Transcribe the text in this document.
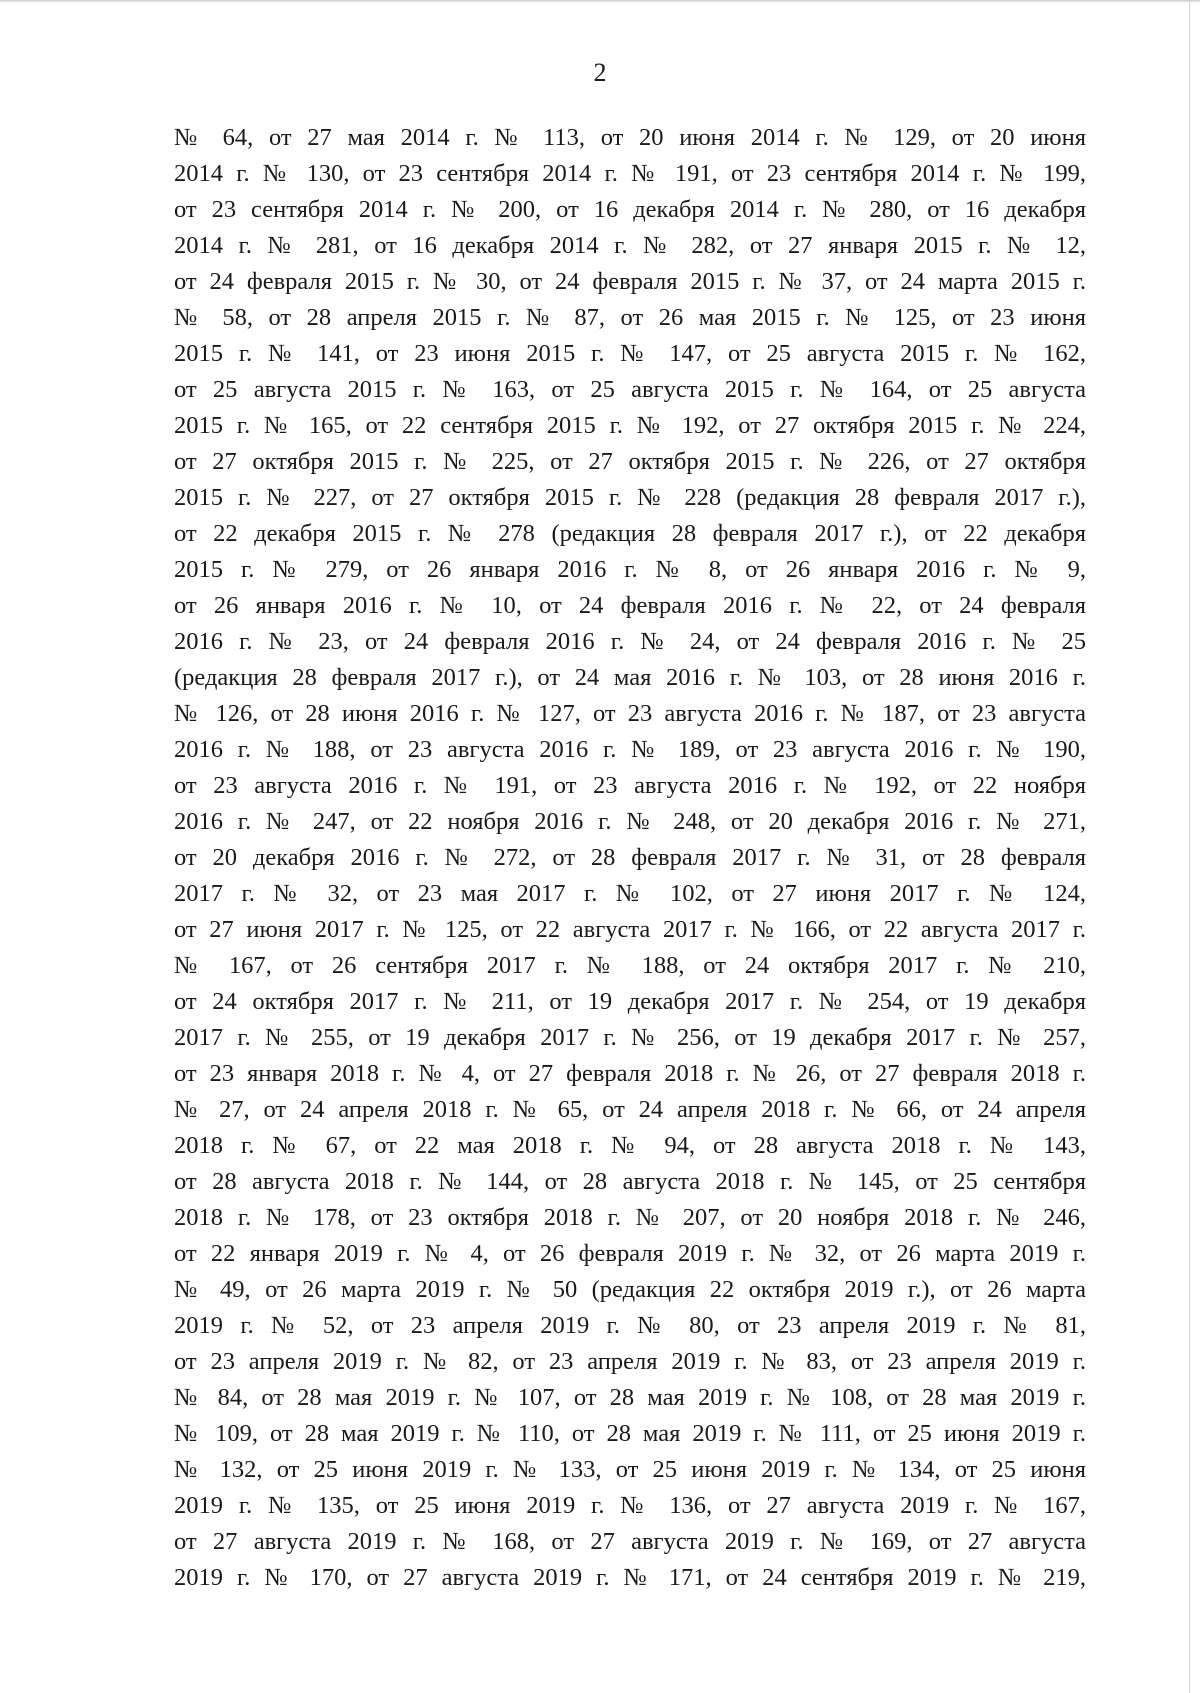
2
№ 64, от 27 мая 2014 г. № 113, от 20 июня 2014 г. № 129, от 20 июня
2014 г. № 130, от 23 сентября 2014 г. № 191, от 23 сентября 2014 г. № 199,
от 23 сентября 2014 г. № 200, от 16 декабря 2014 г. № 280, от 16 декабря
2014 г. № 281, от 16 декабря 2014 г. № 282, от 27 января 2015 г. № 12,
от 24 февраля 2015 г. № 30, от 24 февраля 2015 г. № 37, от 24 марта 2015 г.
№ 58, от 28 апреля 2015 г. № 87, от 26 мая 2015 г. № 125, от 23 июня
2015 г. № 141, от 23 июня 2015 г. № 147, от 25 августа 2015 г. № 162,
от 25 августа 2015 г. № 163, от 25 августа 2015 г. № 164, от 25 августа
2015 г. № 165, от 22 сентября 2015 г. № 192, от 27 октября 2015 г. № 224,
от 27 октября 2015 г. № 225, от 27 октября 2015 г. № 226, от 27 октября
2015 г. № 227, от 27 октября 2015 г. № 228 (редакция 28 февраля 2017 г.),
от 22 декабря 2015 г. № 278 (редакция 28 февраля 2017 г.), от 22 декабря
2015 г. № 279, от 26 января 2016 г. № 8, от 26 января 2016 г. № 9,
от 26 января 2016 г. № 10, от 24 февраля 2016 г. № 22, от 24 февраля
2016 г. № 23, от 24 февраля 2016 г. № 24, от 24 февраля 2016 г. № 25
(редакция 28 февраля 2017 г.), от 24 мая 2016 г. № 103, от 28 июня 2016 г.
№ 126, от 28 июня 2016 г. № 127, от 23 августа 2016 г. № 187, от 23 августа
2016 г. № 188, от 23 августа 2016 г. № 189, от 23 августа 2016 г. № 190,
от 23 августа 2016 г. № 191, от 23 августа 2016 г. № 192, от 22 ноября
2016 г. № 247, от 22 ноября 2016 г. № 248, от 20 декабря 2016 г. № 271,
от 20 декабря 2016 г. № 272, от 28 февраля 2017 г. № 31, от 28 февраля
2017 г. № 32, от 23 мая 2017 г. № 102, от 27 июня 2017 г. № 124,
от 27 июня 2017 г. № 125, от 22 августа 2017 г. № 166, от 22 августа 2017 г.
№ 167, от 26 сентября 2017 г. № 188, от 24 октября 2017 г. № 210,
от 24 октября 2017 г. № 211, от 19 декабря 2017 г. № 254, от 19 декабря
2017 г. № 255, от 19 декабря 2017 г. № 256, от 19 декабря 2017 г. № 257,
от 23 января 2018 г. № 4, от 27 февраля 2018 г. № 26, от 27 февраля 2018 г.
№ 27, от 24 апреля 2018 г. № 65, от 24 апреля 2018 г. № 66, от 24 апреля
2018 г. № 67, от 22 мая 2018 г. № 94, от 28 августа 2018 г. № 143,
от 28 августа 2018 г. № 144, от 28 августа 2018 г. № 145, от 25 сентября
2018 г. № 178, от 23 октября 2018 г. № 207, от 20 ноября 2018 г. № 246,
от 22 января 2019 г. № 4, от 26 февраля 2019 г. № 32, от 26 марта 2019 г.
№ 49, от 26 марта 2019 г. № 50 (редакция 22 октября 2019 г.), от 26 марта
2019 г. № 52, от 23 апреля 2019 г. № 80, от 23 апреля 2019 г. № 81,
от 23 апреля 2019 г. № 82, от 23 апреля 2019 г. № 83, от 23 апреля 2019 г.
№ 84, от 28 мая 2019 г. № 107, от 28 мая 2019 г. № 108, от 28 мая 2019 г.
№ 109, от 28 мая 2019 г. № 110, от 28 мая 2019 г. № 111, от 25 июня 2019 г.
№ 132, от 25 июня 2019 г. № 133, от 25 июня 2019 г. № 134, от 25 июня
2019 г. № 135, от 25 июня 2019 г. № 136, от 27 августа 2019 г. № 167,
от 27 августа 2019 г. № 168, от 27 августа 2019 г. № 169, от 27 августа
2019 г. № 170, от 27 августа 2019 г. № 171, от 24 сентября 2019 г. № 219,
